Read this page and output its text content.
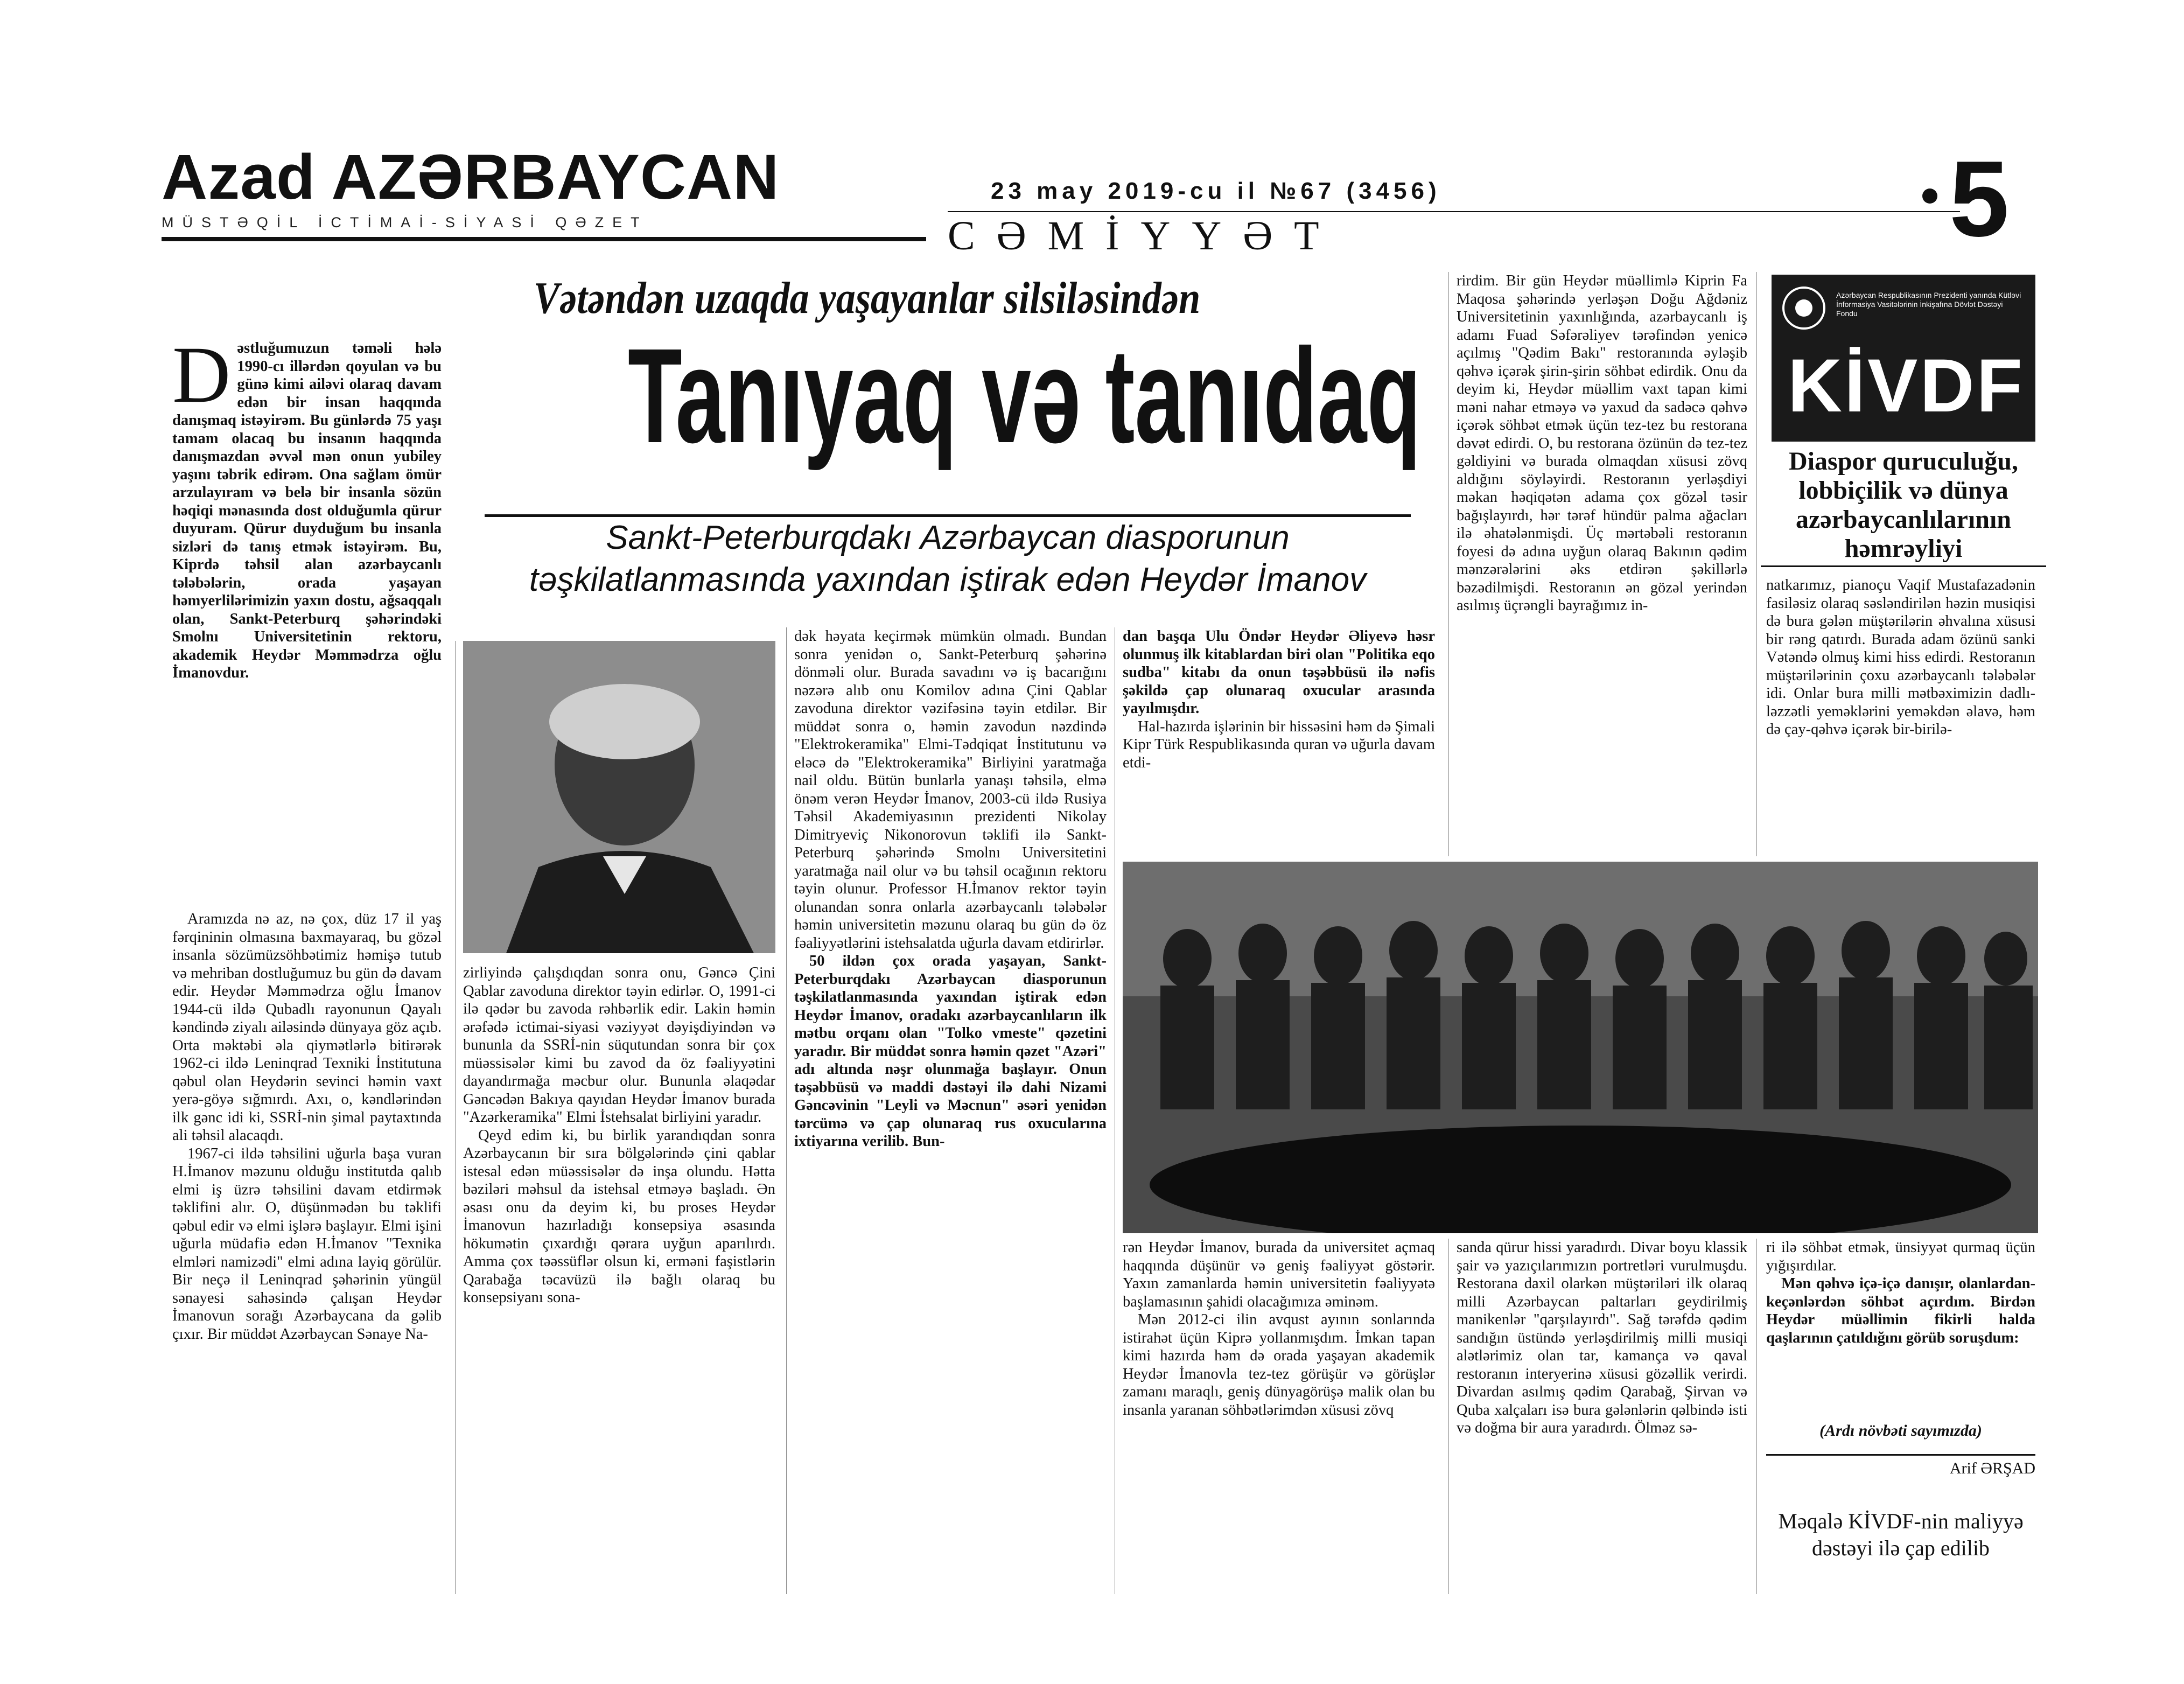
Azad AZƏRBAYCAN
MÜSTƏQİL İCTİMAİ-SİYASİ QƏZET
23 may 2019-cu il №67 (3456)
CƏMİYYƏT	5
Vətəndən uzaqda yaşayanlar silsiləsindən
Tanıyaq və tanıdaq
Sankt-Peterburqdakı Azərbaycan diasporunun təşkilatlanmasında yaxından iştirak edən Heydər İmanov
D əstluğumuzun təməli hələ 1990-cı illərdən qoyulan və bu günə kimi ailəvi olaraq davam edən bir insan haqqında danışmaq istəyirəm. Bu günlərdə 75 yaşı tamam olacaq bu insanın haqqında danışmazdan əvvəl mən onun yubiley yaşını təbrik edirəm. Ona sağlam ömür arzulayıram və belə bir insanla sözün həqiqi mənasında dost olduğumla qürur duyuram. Qürur duyduğum bu insanla sizləri də tanış etmək istəyirəm. Bu, Kiprdə təhsil alan azərbaycanlı tələbələrin, orada yaşayan həmyerlilərimizin yaxın dostu, ağsaqqalı olan, Sankt-Peterburq şəhərindəki Smolnı Universitetinin rektoru, akademik Heydər Məmmədrza oğlu İmanovdur.

Aramızda nə az, nə çox, düz 17 il yaş fərqininin olmasına baxmayaraq, bu gözəl insanla sözümüzsöhbətimiz həmişə tutub və mehriban dostluğumuz bu gün də davam edir. Heydər Məmmədrza oğlu İmanov 1944-cü ildə Qubadlı rayonunun Qayalı kəndində ziyalı ailəsində dünyaya göz açıb. Orta məktəbi əla qiymətlərlə bitirərək 1962-ci ildə Leninqrad Texniki İnstitutuna qəbul olan Heydərin sevinci həmin vaxt yerə-göyə sığmırdı. Axı, o, kəndlərindən ilk gənc idi ki, SSRİ-nin şimal paytaxtında ali təhsil alacaqdı.

1967-ci ildə təhsilini uğurla başa vuran H.İmanov məzunu olduğu institutda qalıb elmi iş üzrə təhsilini davam etdirmək təklifini alır. O, düşünmədən bu təklifi qəbul edir və elmi işlərə başlayır. Elmi işini uğurla müdafiə edən H.İmanov "Texnika elmləri namizədi" elmi adına layiq görülür. Bir neçə il Leninqrad şəhərinin yüngül sənayesi sahəsində çalışan Heydər İmanovun sorağı Azərbaycana da gəlib çıxır. Bir müddət Azərbaycan Sənaye Na-

zirliyində çalışdıqdan sonra onu, Gəncə Çini Qablar zavoduna direktor təyin edirlər. O, 1991-ci ilə qədər bu zavoda rəhbərlik edir. Lakin həmin ərəfədə ictimai-siyasi vəziyyət dəyişdiyindən və bununla da SSRİ-nin süqutundan sonra bir çox müəssisələr kimi bu zavod da öz fəaliyyətini dayandırmağa məcbur olur. Bununla əlaqədar Gəncədən Bakıya qayıdan Heydər İmanov burada "Azərkeramika" Elmi İstehsalat birliyini yaradır.

Qeyd edim ki, bu birlik yarandıqdan sonra Azərbaycanın bir sıra bölgələrində çini qablar istesal edən müəssisələr də inşa olundu. Hətta bəziləri məhsul da istehsal etməyə başladı. Ən əsası onu da deyim ki, bu proses Heydər İmanovun hazırladığı konsepsiya əsasında hökumətin çıxardığı qərara uyğun aparılırdı. Amma çox təəssüflər olsun ki, erməni faşistlərin Qarabağa təcavüzü ilə bağlı olaraq bu konsepsiyanı sona-

dək həyata keçirmək mümkün olmadı. Bundan sonra yenidən o, Sankt-Peterburq şəhərinə dönməli olur. Burada savadını və iş bacarığını nəzərə alıb onu Komilov adına Çini Qablar zavoduna direktor vəzifəsinə təyin etdilər. Bir müddət sonra o, həmin zavodun nəzdində "Elektrokeramika" Elmi-Tədqiqat İnstitutunu və eləcə də "Elektrokeramika" Birliyini yaratmağa nail oldu. Bütün bunlarla yanaşı təhsilə, elmə önəm verən Heydər İmanov, 2003-cü ildə Rusiya Təhsil Akademiyasının prezidenti Nikolay Dimitryeviç Nikonorovun təklifi ilə Sankt-Peterburq şəhərində Smolnı Universitetini yaratmağa nail olur və bu təhsil ocağının rektoru təyin olunur. Professor H.İmanov rektor təyin olunandan sonra onlarla azərbaycanlı tələbələr həmin universitetin məzunu olaraq bu gün də öz fəaliyyətlərini istehsalatda uğurla davam etdirirlər.

50 ildən çox orada yaşayan, Sankt-Peterburqdakı Azərbaycan diasporunun təşkilatlanmasında yaxından iştirak edən Heydər İmanov, oradakı azərbaycanlıların ilk mətbu orqanı olan "Tolko vmeste" qəzetini yaradır. Bir müddət sonra həmin qəzet "Azəri" adı altında nəşr olunmağa başlayır. Onun təşəbbüsü və maddi dəstəyi ilə dahi Nizami Gəncəvinin "Leyli və Məcnun" əsəri yenidən tərcümə və çap olunaraq rus oxucularına ixtiyarına verilib. Bun-

dan başqa Ulu Öndər Heydər Əliyevə həsr olunmuş ilk kitablardan biri olan "Politika eqo sudba" kitabı da onun təşəbbüsü ilə nəfis şəkildə çap olunaraq oxucular arasında yayılmışdır.

Hal-hazırda işlərinin bir hissəsini həm də Şimali Kipr Türk Respublikasında quran və uğurla davam etdi-

rirdim. Bir gün Heydər müəllimlə Kiprin Fa Maqosa şəhərində yerləşən Doğu Ağdəniz Universitetinin yaxınlığında, azərbaycanlı iş adamı Fuad Səfərəliyev tərəfindən yenicə açılmış "Qədim Bakı" restoranında əyləşib qəhvə içərək şirin-şirin söhbət edirdik. Onu da deyim ki, Heydər müəllim vaxt tapan kimi məni nahar etməyə və yaxud da sadəcə qəhvə içərək söhbət etmək üçün tez-tez bu restorana dəvət edirdi. O, bu restorana özünün də tez-tez gəldiyini və burada olmaqdan xüsusi zövq aldığını söyləyirdi. Restoranın yerləşdiyi məkan həqiqətən adama çox gözəl təsir bağışlayırdı, hər tərəf hündür palma ağacları ilə əhatələnmişdi. Üç mərtəbəli restoranın foyesi də adına uyğun olaraq Bakının qədim mənzərələrini əks etdirən şəkillərlə bəzədilmişdi. Restoranın ən gözəl yerindən asılmış üçrəngli bayrağımız in-

Azərbaycan Respublikasının Prezidenti yanında Kütləvi İnformasiya Vasitələrinin İnkişafına Dövlət Dəstəyi Fondu
KİVDF
Diaspor quruculuğu, lobbiçilik və dünya azərbaycanlılarının həmrəyliyi

natkarımız, pianoçu Vaqif Mustafazadənin fasiləsiz olaraq səsləndirilən həzin musiqisi də bura gələn müştərilərin əhvalına xüsusi bir rəng qatırdı. Burada adam özünü sanki Vətəndə olmuş kimi hiss edirdi. Restoranın müştərilərinin çoxu azərbaycanlı tələbələr idi. Onlar bura milli mətbəximizin dadlı-ləzzətli yeməklərini yeməkdən əlavə, həm də çay-qəhvə içərək bir-birilə-

rən Heydər İmanov, burada da universitet açmaq haqqında düşünür və geniş fəaliyyət göstərir. Yaxın zamanlarda həmin universitetin fəaliyyətə başlamasının şahidi olacağımıza əminəm.

Mən 2012-ci ilin avqust ayının sonlarında istirahət üçün Kiprə yollanmışdım. İmkan tapan kimi hazırda həm də orada yaşayan akademik Heydər İmanovla tez-tez görüşür və görüşlər zamanı maraqlı, geniş dünyagörüşə malik olan bu insanla yaranan söhbətlərimdən xüsusi zövq

sanda qürur hissi yaradırdı. Divar boyu klassik şair və yazıçılarımızın portretləri vurulmuşdu. Restorana daxil olarkən müştəriləri ilk olaraq milli Azərbaycan paltarları geydirilmiş manikenlər "qarşılayırdı". Sağ tərəfdə qədim sandığın üstündə yerləşdirilmiş milli musiqi alətlərimiz olan tar, kamança və qaval restoranın interyerinə xüsusi gözəllik verirdi. Divardan asılmış qədim Qarabağ, Şirvan və Quba xalçaları isə bura gələnlərin qəlbində isti və doğma bir aura yaradırdı. Ölməz sə-

ri ilə söhbət etmək, ünsiyyət qurmaq üçün yığışırdılar.

Mən qəhvə içə-içə danışır, olanlardan-keçənlərdən söhbət açırdım. Birdən Heydər müəllimin fikirli halda qaşlarının çatıldığını görüb soruşdum:

(Ardı növbəti sayımızda)
Arif ƏRŞAD
Məqalə KİVDF-nin maliyyə dəstəyi ilə çap edilib
